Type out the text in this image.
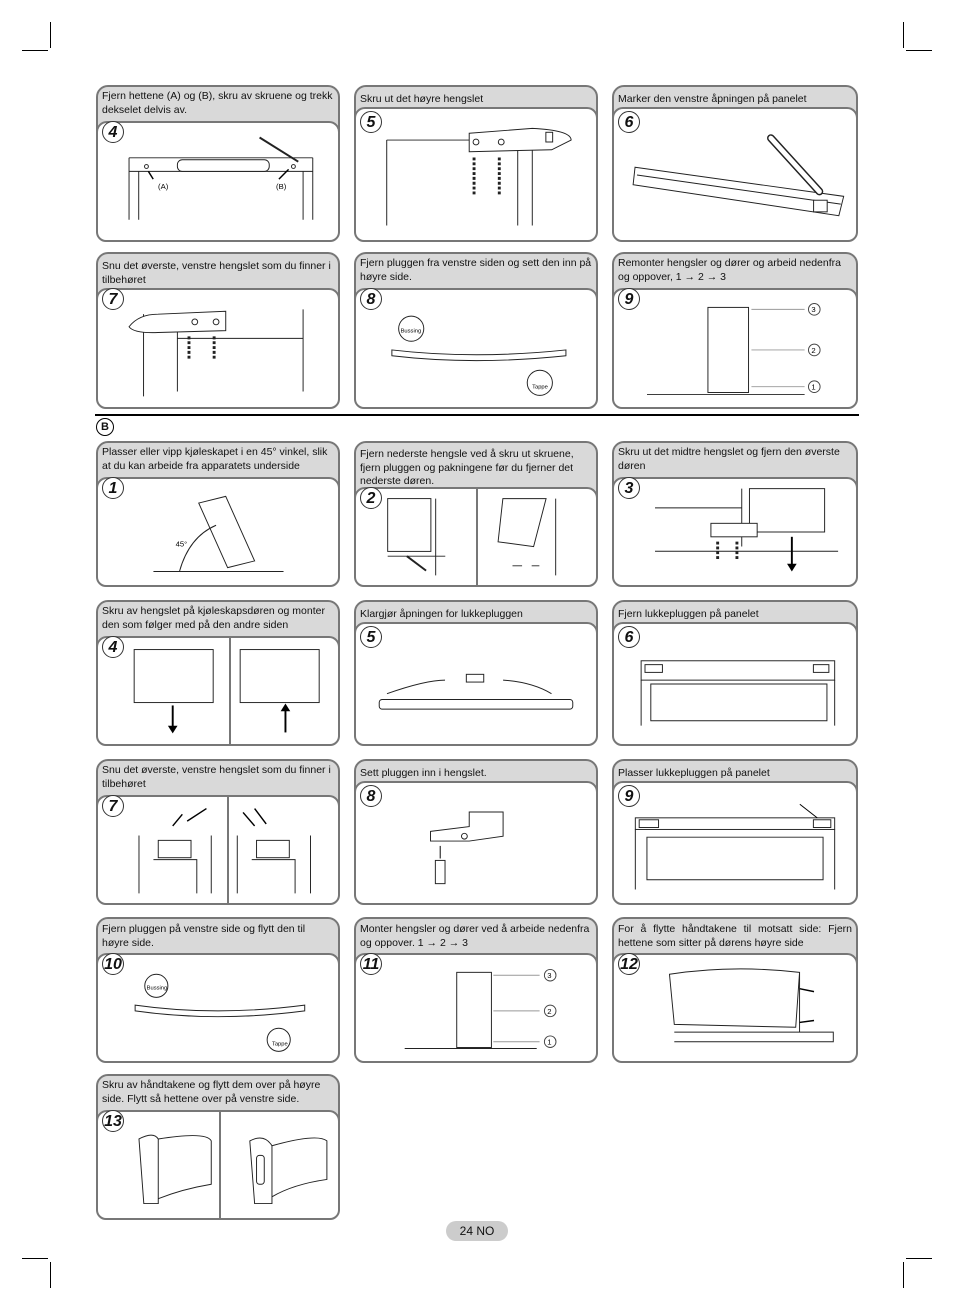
Fjern hettene (A) og (B), skru av skruene og trekk dekselet delvis av.
4
(A)	(B)
Skru ut det høyre hengslet
5
Marker den venstre åpningen på panelet
6
Snu det øverste, venstre hengslet som du finner i tilbehøret
7
Fjern pluggen fra venstre siden og sett den inn på høyre side.
8
Bussing
Tappe
Remonter hengsler og dører og arbeid nedenfra og oppover, 1 → 2 → 3
9
3
2
1
B
Plasser eller vipp kjøleskapet i en 45° vinkel, slik at du kan arbeide fra apparatets underside
1
45°
Fjern nederste hengsle ved å skru ut skruene, fjern pluggen og pakningene før du fjerner det nederste døren.
2
Skru ut det midtre hengslet og fjern den øverste døren
3
Skru av hengslet på kjøleskapsdøren og monter den som følger med på den andre siden
4
Klargjør åpningen for lukkepluggen
5
Fjern lukkepluggen på panelet
6
Snu det øverste, venstre hengslet som du finner i tilbehøret
7
Sett pluggen inn i hengslet.
8
Plasser lukkepluggen på panelet
9
Fjern pluggen på venstre side og flytt den til høyre side.
10
Bussing
Tappe
Monter hengsler og dører ved å arbeide nedenfra og oppover. 1 → 2 → 3
11
3
2
1
For å flytte håndtakene til motsatt side: Fjern hettene som sitter på dørens høyre side
12
Skru av håndtakene og flytt dem over på høyre side. Flytt så hettene over på venstre side.
13
24 NO
